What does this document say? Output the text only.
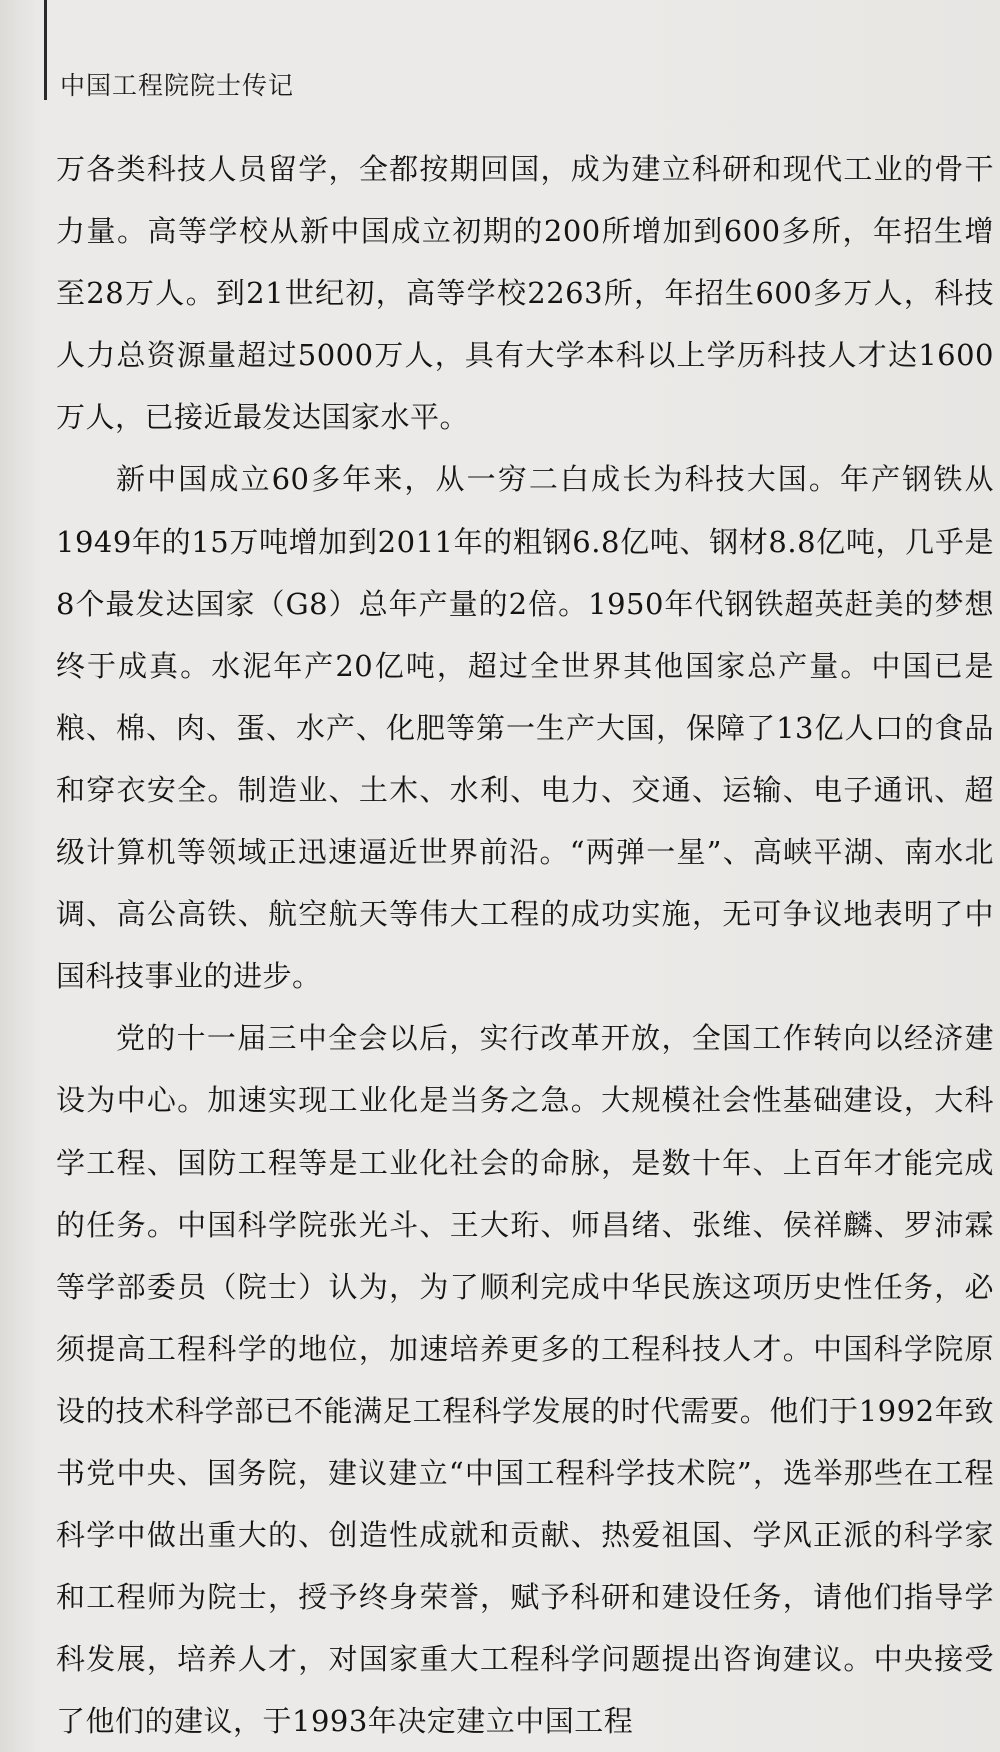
中国工程院院士传记

万各类科技人员留学，全都按期回国，成为建立科研和现代工业的骨干力量。高等学校从新中国成立初期的200所增加到600多所，年招生增至28万人。到21世纪初，高等学校2263所，年招生600多万人，科技人力总资源量超过5000万人，具有大学本科以上学历科技人才达1600万人，已接近最发达国家水平。

新中国成立60多年来，从一穷二白成长为科技大国。年产钢铁从1949年的15万吨增加到2011年的粗钢6.8亿吨、钢材8.8亿吨，几乎是8个最发达国家（G8）总年产量的2倍。1950年代钢铁超英赶美的梦想终于成真。水泥年产20亿吨，超过全世界其他国家总产量。中国已是粮、棉、肉、蛋、水产、化肥等第一生产大国，保障了13亿人口的食品和穿衣安全。制造业、土木、水利、电力、交通、运输、电子通讯、超级计算机等领域正迅速逼近世界前沿。“两弹一星”、高峡平湖、南水北调、高公高铁、航空航天等伟大工程的成功实施，无可争议地表明了中国科技事业的进步。

党的十一届三中全会以后，实行改革开放，全国工作转向以经济建设为中心。加速实现工业化是当务之急。大规模社会性基础建设，大科学工程、国防工程等是工业化社会的命脉，是数十年、上百年才能完成的任务。中国科学院张光斗、王大珩、师昌绪、张维、侯祥麟、罗沛霖等学部委员（院士）认为，为了顺利完成中华民族这项历史性任务，必须提高工程科学的地位，加速培养更多的工程科技人才。中国科学院原设的技术科学部已不能满足工程科学发展的时代需要。他们于1992年致书党中央、国务院，建议建立“中国工程科学技术院”，选举那些在工程科学中做出重大的、创造性成就和贡献、热爱祖国、学风正派的科学家和工程师为院士，授予终身荣誉，赋予科研和建设任务，请他们指导学科发展，培养人才，对国家重大工程科学问题提出咨询建议。中央接受了他们的建议，于1993年决定建立中国工程
